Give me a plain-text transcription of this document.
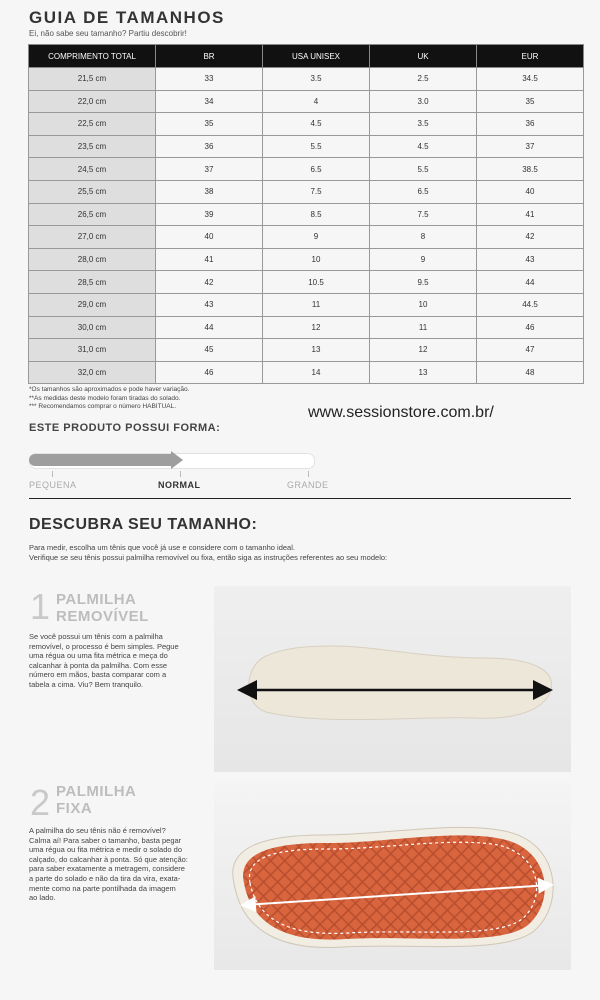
GUIA DE TAMANHOS
Ei, não sabe seu tamanho? Partiu descobrir!
COMPRIMENTO TOTAL	BR	USA UNISEX	UK	EUR
21,5 cm	33	3.5	2.5	34.5
22,0 cm	34	4	3.0	35
22,5 cm	35	4.5	3.5	36
23,5 cm	36	5.5	4.5	37
24,5 cm	37	6.5	5.5	38.5
25,5 cm	38	7.5	6.5	40
26,5 cm	39	8.5	7.5	41
27,0 cm	40	9	8	42
28,0 cm	41	10	9	43
28,5 cm	42	10.5	9.5	44
29,0 cm	43	11	10	44.5
30,0 cm	44	12	11	46
31,0 cm	45	13	12	47
32,0 cm	46	14	13	48
*Os tamanhos são aproximados e pode haver variação.
**As medidas deste modelo foram tiradas do solado.
*** Recomendamos comprar o número HABITUAL.	www.sessionstore.com.br/
ESTE PRODUTO POSSUI FORMA:
PEQUENA	NORMAL	GRANDE
DESCUBRA SEU TAMANHO:
Para medir, escolha um tênis que você já use e considere com o tamanho ideal.
Verifique se seu tênis possui palmilha removível ou fixa, então siga as instruções referentes ao seu modelo:
1 PALMILHA
REMOVÍVEL
Se você possui um tênis com a palmilha
removível, o processo é bem simples. Pegue
uma régua ou uma fita métrica e meça do
calcanhar à ponta da palmilha. Com esse
número em mãos, basta comparar com a
tabela a cima. Viu? Bem tranquilo.
2 PALMILHA
FIXA
A palmilha do seu tênis não é removível?
Calma aí! Para saber o tamanho, basta pegar
uma régua ou fita métrica e medir o solado do
calçado, do calcanhar à ponta. Só que atenção:
para saber exatamente a metragem, considere
a parte do solado e não da tira da vira, exata-
mente como na parte pontilhada da imagem
ao lado.
